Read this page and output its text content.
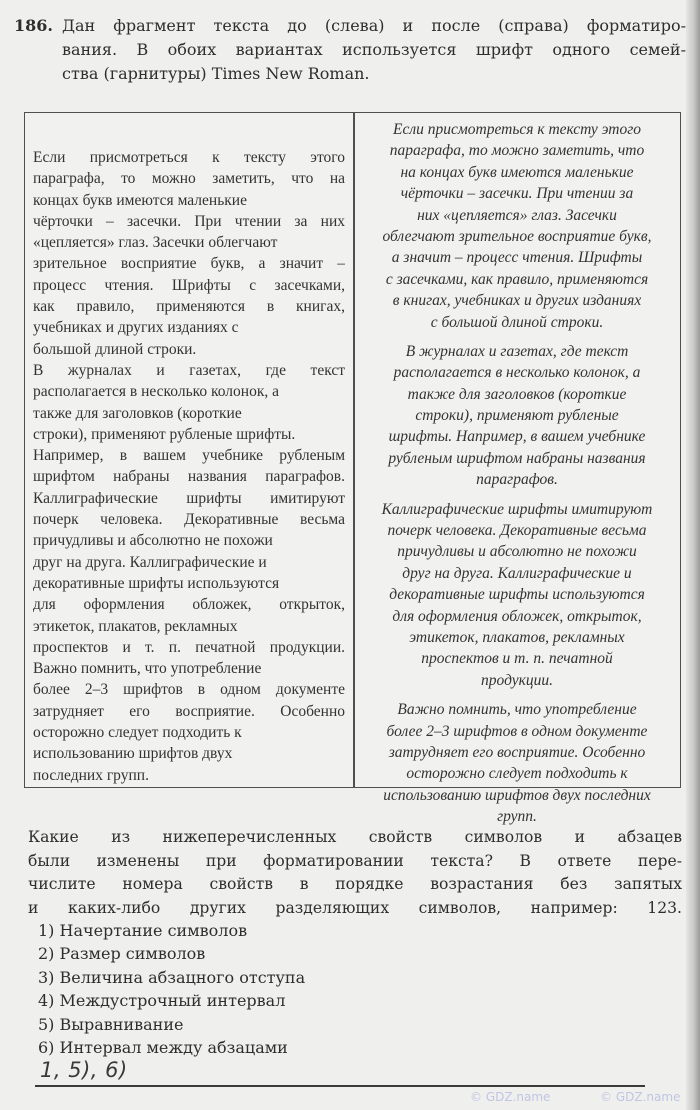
186. Дан фрагмент текста до (слева) и после (справа) форматиро-
вания. В обоих вариантах используется шрифт одного семей-
ства (гарнитуры) Times New Roman.
Если присмотреться к тексту этого
параграфа, то можно заметить, что на
концах букв имеются маленькие
чёрточки – засечки. При чтении за них
«цепляется» глаз. Засечки облегчают
зрительное восприятие букв, а значит –
процесс чтения. Шрифты с засечками,
как правило, применяются в книгах,
учебниках и других изданиях с
большой длиной строки.
В журналах и газетах, где текст
располагается в несколько колонок, а
также для заголовков (короткие
строки), применяют рубленые шрифты.
Например, в вашем учебнике рубленым
шрифтом набраны названия параграфов.
Каллиграфические шрифты имитируют
почерк человека. Декоративные весьма
причудливы и абсолютно не похожи
друг на друга. Каллиграфические и
декоративные шрифты используются
для оформления обложек, открыток,
этикеток, плакатов, рекламных
проспектов и т. п. печатной продукции.
Важно помнить, что употребление
более 2–3 шрифтов в одном документе
затрудняет его восприятие. Особенно
осторожно следует подходить к
использованию шрифтов двух
последних групп.

Если присмотреться к тексту этого
параграфа, то можно заметить, что
на концах букв имеются маленькие
чёрточки – засечки. При чтении за
них «цепляется» глаз. Засечки
облегчают зрительное восприятие букв,
а значит – процесс чтения. Шрифты
с засечками, как правило, применяются
в книгах, учебниках и других изданиях
с большой длиной строки.

В журналах и газетах, где текст
располагается в несколько колонок, а
также для заголовков (короткие
строки), применяют рубленые
шрифты. Например, в вашем учебнике
рубленым шрифтом набраны названия
параграфов.

Каллиграфические шрифты имитируют
почерк человека. Декоративные весьма
причудливы и абсолютно не похожи
друг на друга. Каллиграфические и
декоративные шрифты используются
для оформления обложек, открыток,
этикеток, плакатов, рекламных
проспектов и т. п. печатной
продукции.

Важно помнить, что употребление
более 2–3 шрифтов в одном документе
затрудняет его восприятие. Особенно
осторожно следует подходить к
использованию шрифтов двух последних
групп.

Какие из нижеперечисленных свойств символов и абзацев
были изменены при форматировании текста? В ответе пере-
числите номера свойств в порядке возрастания без запятых
и каких-либо других разделяющих символов, например: 123.
1) Начертание символов
2) Размер символов
3) Величина абзацного отступа
4) Междустрочный интервал
5) Выравнивание
6) Интервал между абзацами
1, 5), 6)
© GDZ.name
© GDZ.name
